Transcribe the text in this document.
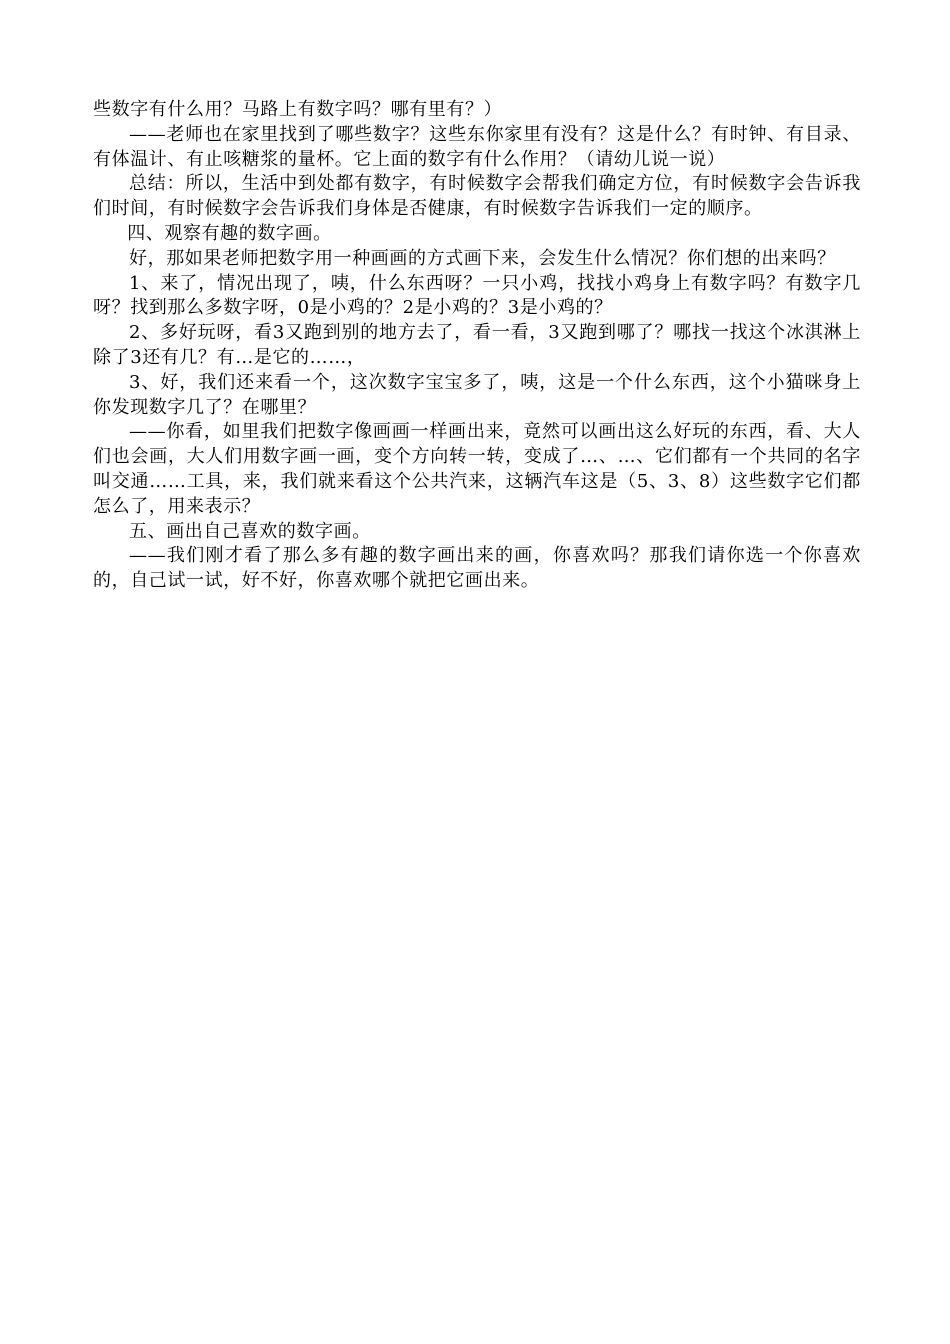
些数字有什么用？马路上有数字吗？哪有里有？）

——老师也在家里找到了哪些数字？这些东你家里有没有？这是什么？有时钟、有目录、有体温计、有止咳糖浆的量杯。它上面的数字有什么作用？（请幼儿说一说）

总结：所以，生活中到处都有数字，有时候数字会帮我们确定方位，有时候数字会告诉我们时间，有时候数字会告诉我们身体是否健康，有时候数字告诉我们一定的顺序。

四、观察有趣的数字画。

好，那如果老师把数字用一种画画的方式画下来，会发生什么情况？你们想的出来吗？

1、来了，情况出现了，咦，什么东西呀？一只小鸡，找找小鸡身上有数字吗？有数字几呀？找到那么多数字呀，0是小鸡的？2是小鸡的？3是小鸡的？

2、多好玩呀，看3又跑到别的地方去了，看一看，3又跑到哪了？哪找一找这个冰淇淋上除了3还有几？有…是它的……，

3、好，我们还来看一个，这次数字宝宝多了，咦，这是一个什么东西，这个小猫咪身上你发现数字几了？在哪里？

——你看，如里我们把数字像画画一样画出来，竟然可以画出这么好玩的东西，看、大人们也会画，大人们用数字画一画，变个方向转一转，变成了…、…、它们都有一个共同的名字叫交通……工具，来，我们就来看这个公共汽来，这辆汽车这是（5、3、8）这些数字它们都怎么了，用来表示？

五、画出自己喜欢的数字画。

——我们刚才看了那么多有趣的数字画出来的画，你喜欢吗？那我们请你选一个你喜欢的，自己试一试，好不好，你喜欢哪个就把它画出来。
